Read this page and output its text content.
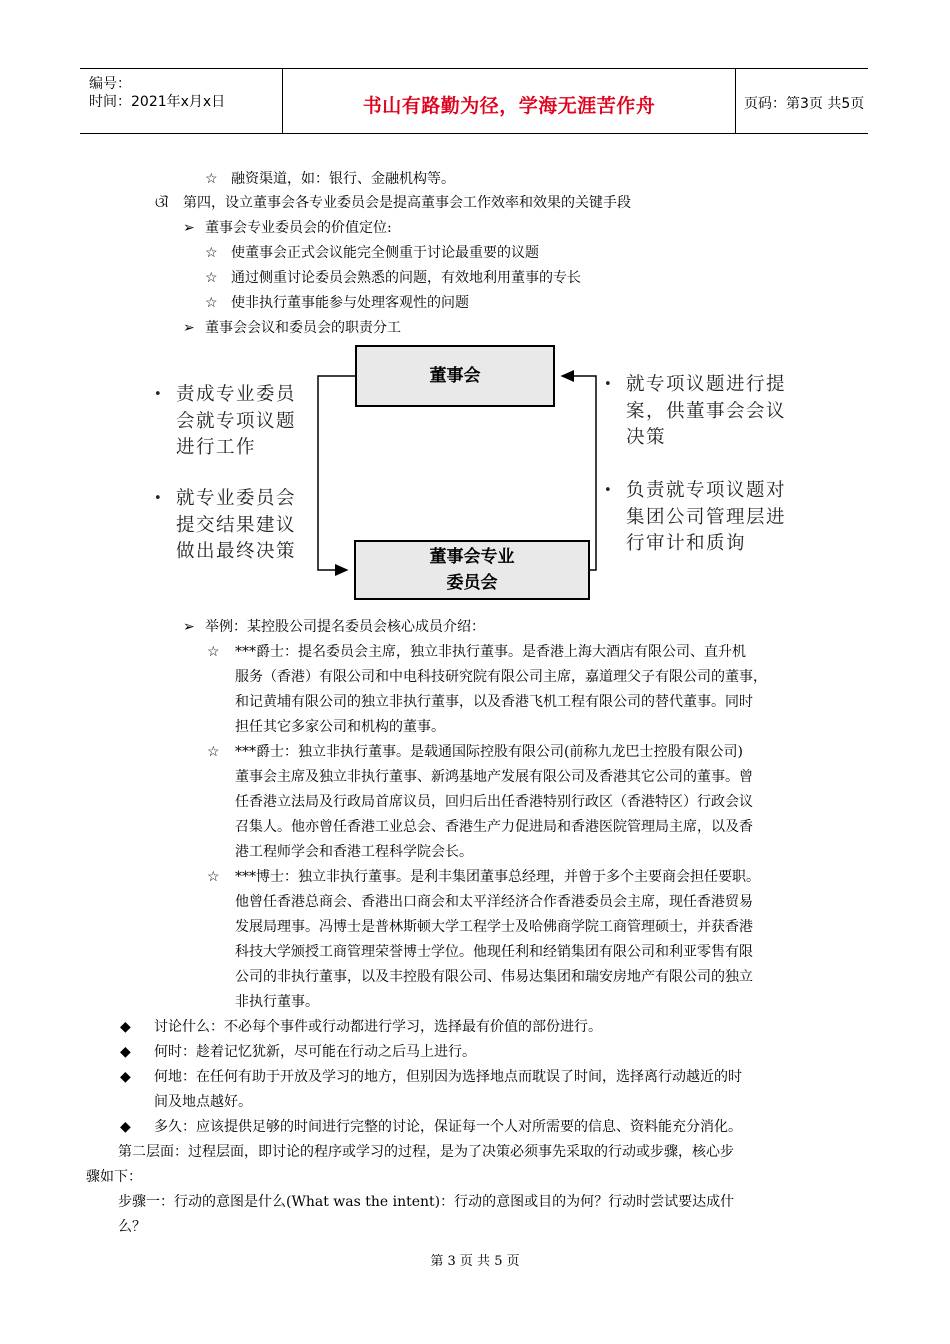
编号：
时间：2021年x月x日	书山有路勤为径，学海无涯苦作舟	页码：第3页 共5页
☆ 融资渠道，如：银行、金融机构等。
ଔ 第四，设立董事会各专业委员会是提高董事会工作效率和效果的关键手段
➢ 董事会专业委员会的价值定位:
☆ 使董事会正式会议能完全侧重于讨论最重要的议题
☆ 通过侧重讨论委员会熟悉的问题，有效地利用董事的专长
☆ 使非执行董事能参与处理客观性的问题
➢ 董事会会议和委员会的职责分工
董事会
董事会专业
委员会
• 责成专业委员
会就专项议题
进行工作
• 就专业委员会
提交结果建议
做出最终决策
• 就专项议题进行提
案，供董事会会议
决策
• 负责就专项议题对
集团公司管理层进
行审计和质询
➢ 举例：某控股公司提名委员会核心成员介绍：
☆ ***爵士：提名委员会主席，独立非执行董事。是香港上海大酒店有限公司、直升机
服务（香港）有限公司和中电科技研究院有限公司主席，嘉道理父子有限公司的董事，
和记黄埔有限公司的独立非执行董事，以及香港飞机工程有限公司的替代董事。同时
担任其它多家公司和机构的董事。
☆ ***爵士：独立非执行董事。是载通国际控股有限公司(前称九龙巴士控股有限公司)
董事会主席及独立非执行董事、新鸿基地产发展有限公司及香港其它公司的董事。曾
任香港立法局及行政局首席议员，回归后出任香港特别行政区（香港特区）行政会议
召集人。他亦曾任香港工业总会、香港生产力促进局和香港医院管理局主席，以及香
港工程师学会和香港工程科学院会长。
☆ ***博士：独立非执行董事。是利丰集团董事总经理，并曾于多个主要商会担任要职。
他曾任香港总商会、香港出口商会和太平洋经济合作香港委员会主席，现任香港贸易
发展局理事。冯博士是普林斯顿大学工程学士及哈佛商学院工商管理硕士，并获香港
科技大学颁授工商管理荣誉博士学位。他现任利和经销集团有限公司和利亚零售有限
公司的非执行董事，以及丰控股有限公司、伟易达集团和瑞安房地产有限公司的独立
非执行董事。
◆ 讨论什么：不必每个事件或行动都进行学习，选择最有价值的部份进行。
◆ 何时：趁着记忆犹新，尽可能在行动之后马上进行。
◆ 何地：在任何有助于开放及学习的地方，但别因为选择地点而耽误了时间，选择离行动越近的时
间及地点越好。
◆ 多久：应该提供足够的时间进行完整的讨论，保证每一个人对所需要的信息、资料能充分消化。
第二层面：过程层面，即讨论的程序或学习的过程，是为了决策必须事先采取的行动或步骤，核心步
骤如下：
步骤一：行动的意图是什么(What was the intent)：行动的意图或目的为何？行动时尝试要达成什
么？
第 3 页 共 5 页
